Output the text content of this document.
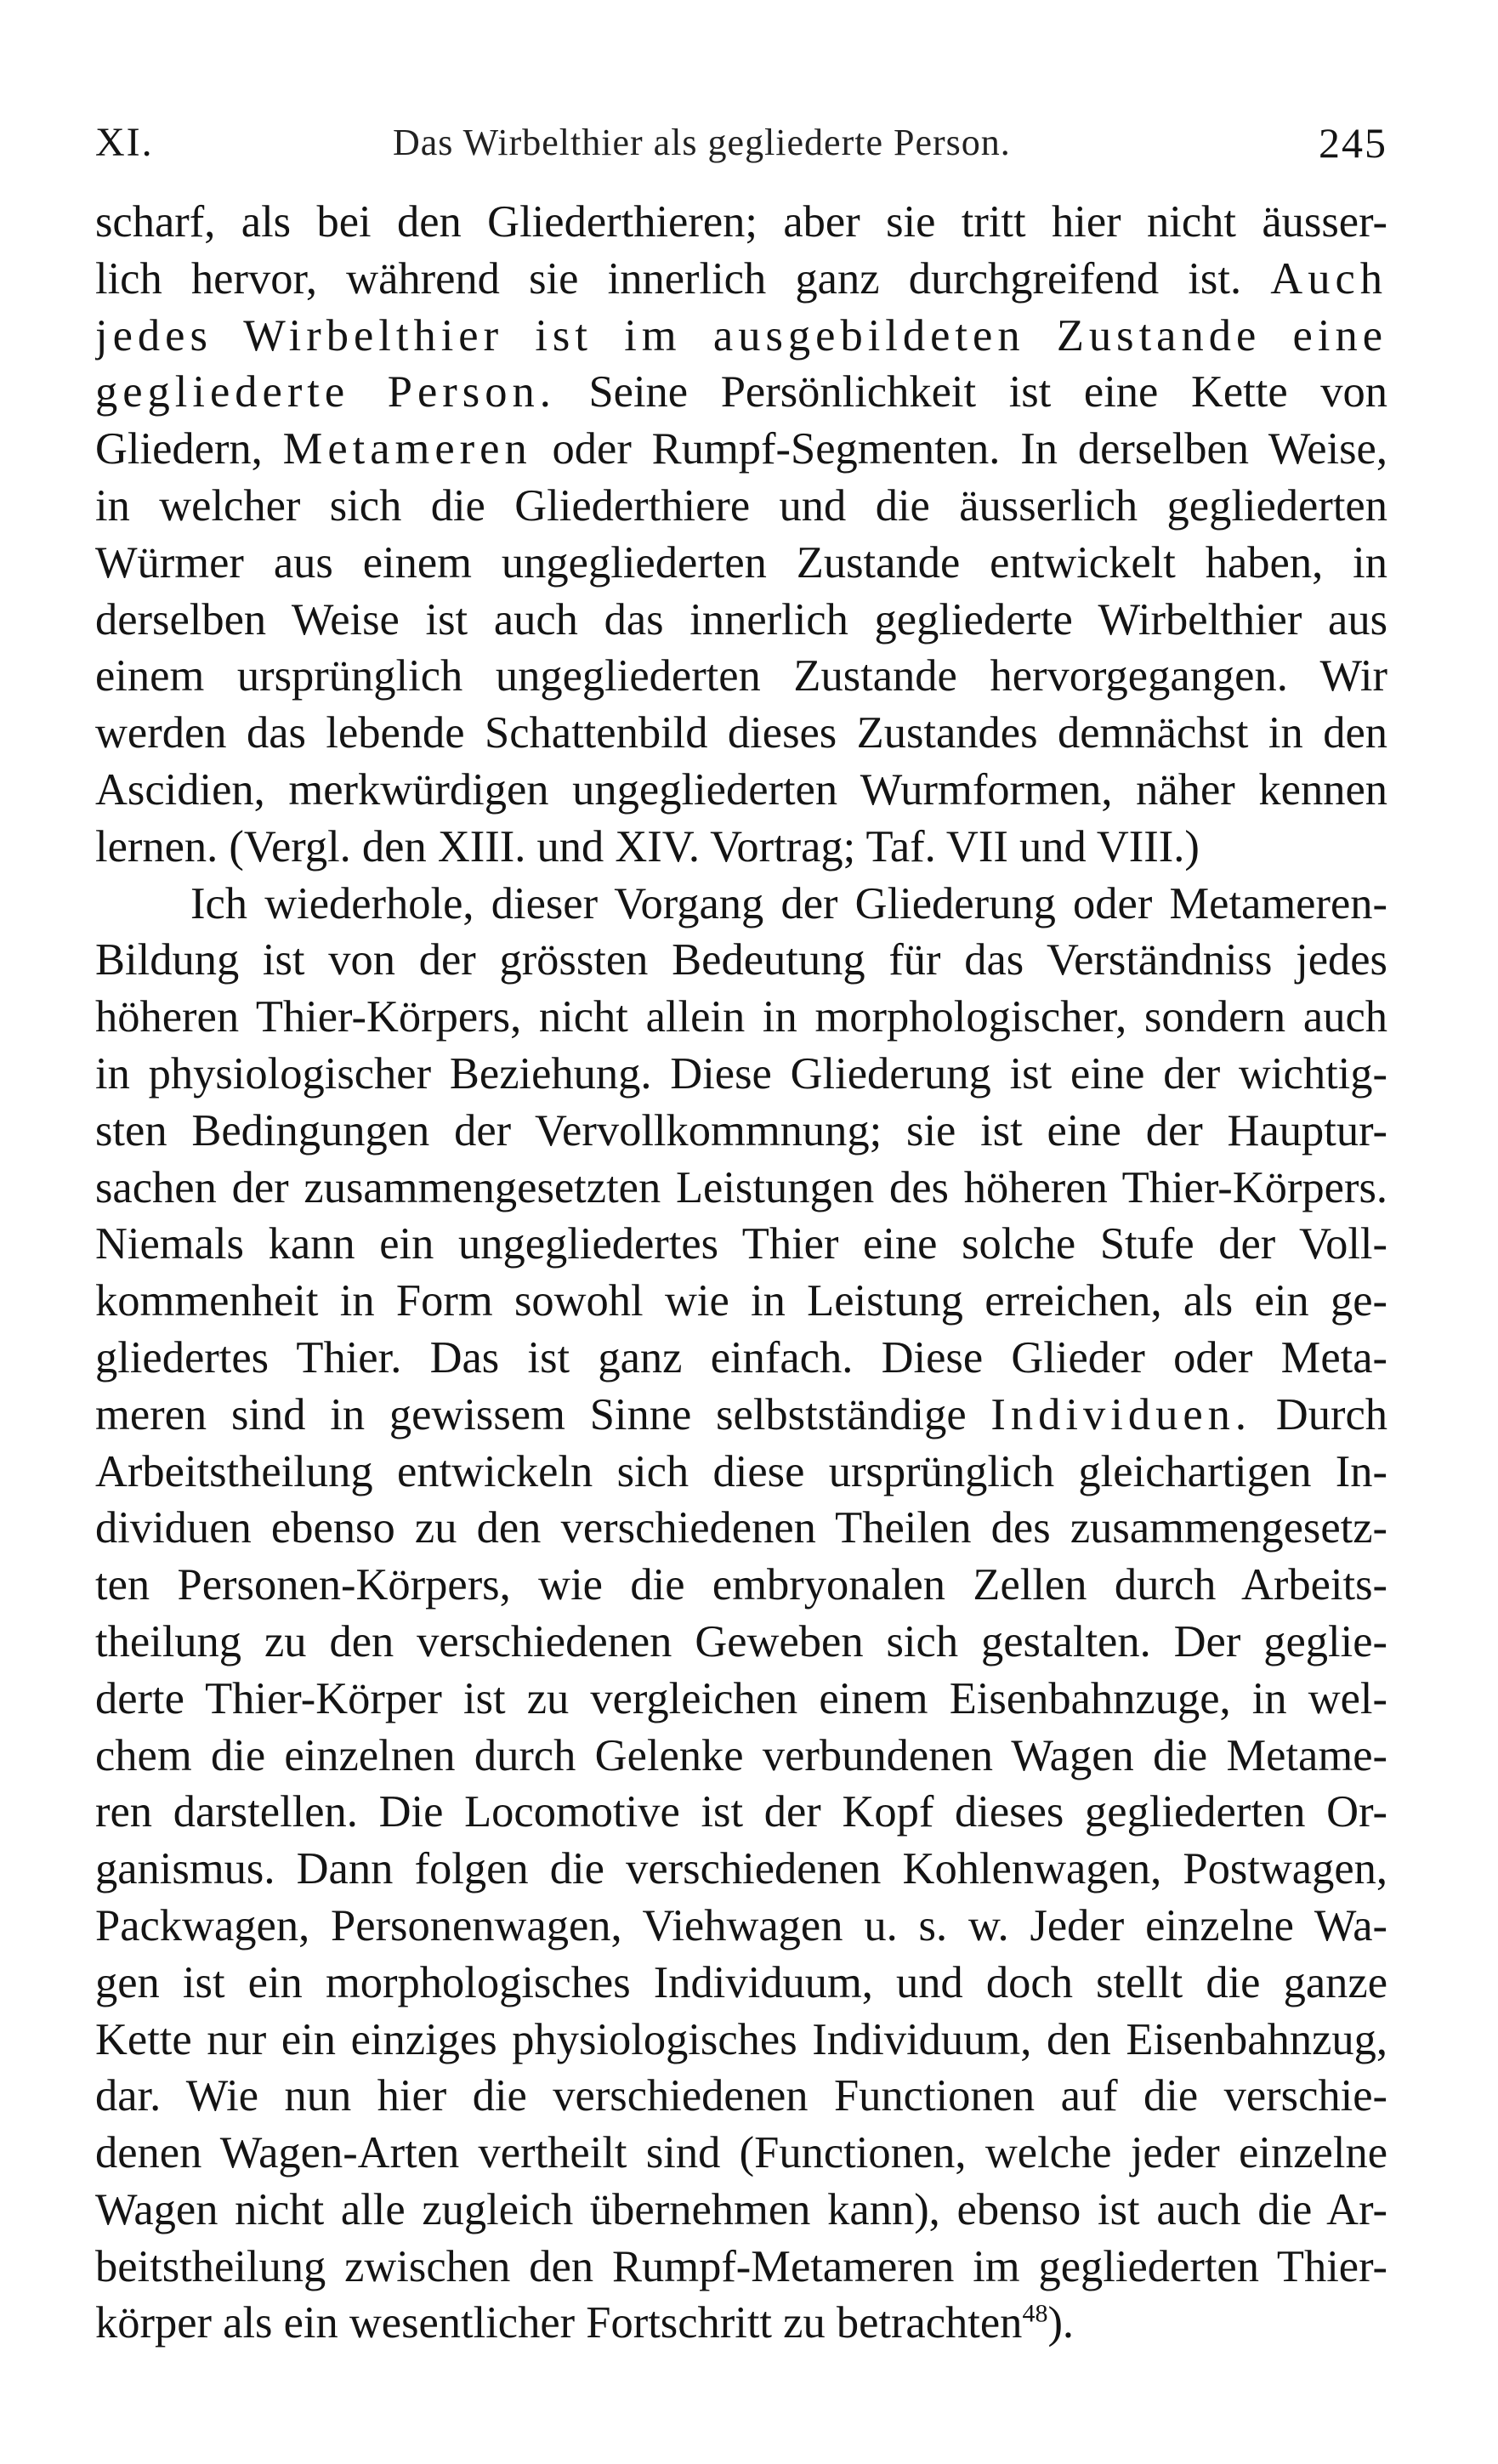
XI.	Das Wirbelthier als gegliederte Person.	245
scharf, als bei den Gliederthieren; aber sie tritt hier nicht äusser-
lich hervor, während sie innerlich ganz durchgreifend ist. Auch
jedes Wirbelthier ist im ausgebildeten Zustande eine
gegliederte Person. Seine Persönlichkeit ist eine Kette von
Gliedern, Metameren oder Rumpf-Segmenten. In derselben Weise,
in welcher sich die Gliederthiere und die äusserlich gegliederten
Würmer aus einem ungegliederten Zustande entwickelt haben, in
derselben Weise ist auch das innerlich gegliederte Wirbelthier aus
einem ursprünglich ungegliederten Zustande hervorgegangen. Wir
werden das lebende Schattenbild dieses Zustandes demnächst in den
Ascidien, merkwürdigen ungegliederten Wurmformen, näher kennen
lernen. (Vergl. den XIII. und XIV. Vortrag; Taf. VII und VIII.)
Ich wiederhole, dieser Vorgang der Gliederung oder Metameren-
Bildung ist von der grössten Bedeutung für das Verständniss jedes
höheren Thier-Körpers, nicht allein in morphologischer, sondern auch
in physiologischer Beziehung. Diese Gliederung ist eine der wichtig-
sten Bedingungen der Vervollkommnung; sie ist eine der Hauptur-
sachen der zusammengesetzten Leistungen des höheren Thier-Körpers.
Niemals kann ein ungegliedertes Thier eine solche Stufe der Voll-
kommenheit in Form sowohl wie in Leistung erreichen, als ein ge-
gliedertes Thier. Das ist ganz einfach. Diese Glieder oder Meta-
meren sind in gewissem Sinne selbstständige Individuen. Durch
Arbeitstheilung entwickeln sich diese ursprünglich gleichartigen In-
dividuen ebenso zu den verschiedenen Theilen des zusammengesetz-
ten Personen-Körpers, wie die embryonalen Zellen durch Arbeits-
theilung zu den verschiedenen Geweben sich gestalten. Der geglie-
derte Thier-Körper ist zu vergleichen einem Eisenbahnzuge, in wel-
chem die einzelnen durch Gelenke verbundenen Wagen die Metame-
ren darstellen. Die Locomotive ist der Kopf dieses gegliederten Or-
ganismus. Dann folgen die verschiedenen Kohlenwagen, Postwagen,
Packwagen, Personenwagen, Viehwagen u. s. w. Jeder einzelne Wa-
gen ist ein morphologisches Individuum, und doch stellt die ganze
Kette nur ein einziges physiologisches Individuum, den Eisenbahnzug,
dar. Wie nun hier die verschiedenen Functionen auf die verschie-
denen Wagen-Arten vertheilt sind (Functionen, welche jeder einzelne
Wagen nicht alle zugleich übernehmen kann), ebenso ist auch die Ar-
beitstheilung zwischen den Rumpf-Metameren im gegliederten Thier-
körper als ein wesentlicher Fortschritt zu betrachten$^{48}$).
